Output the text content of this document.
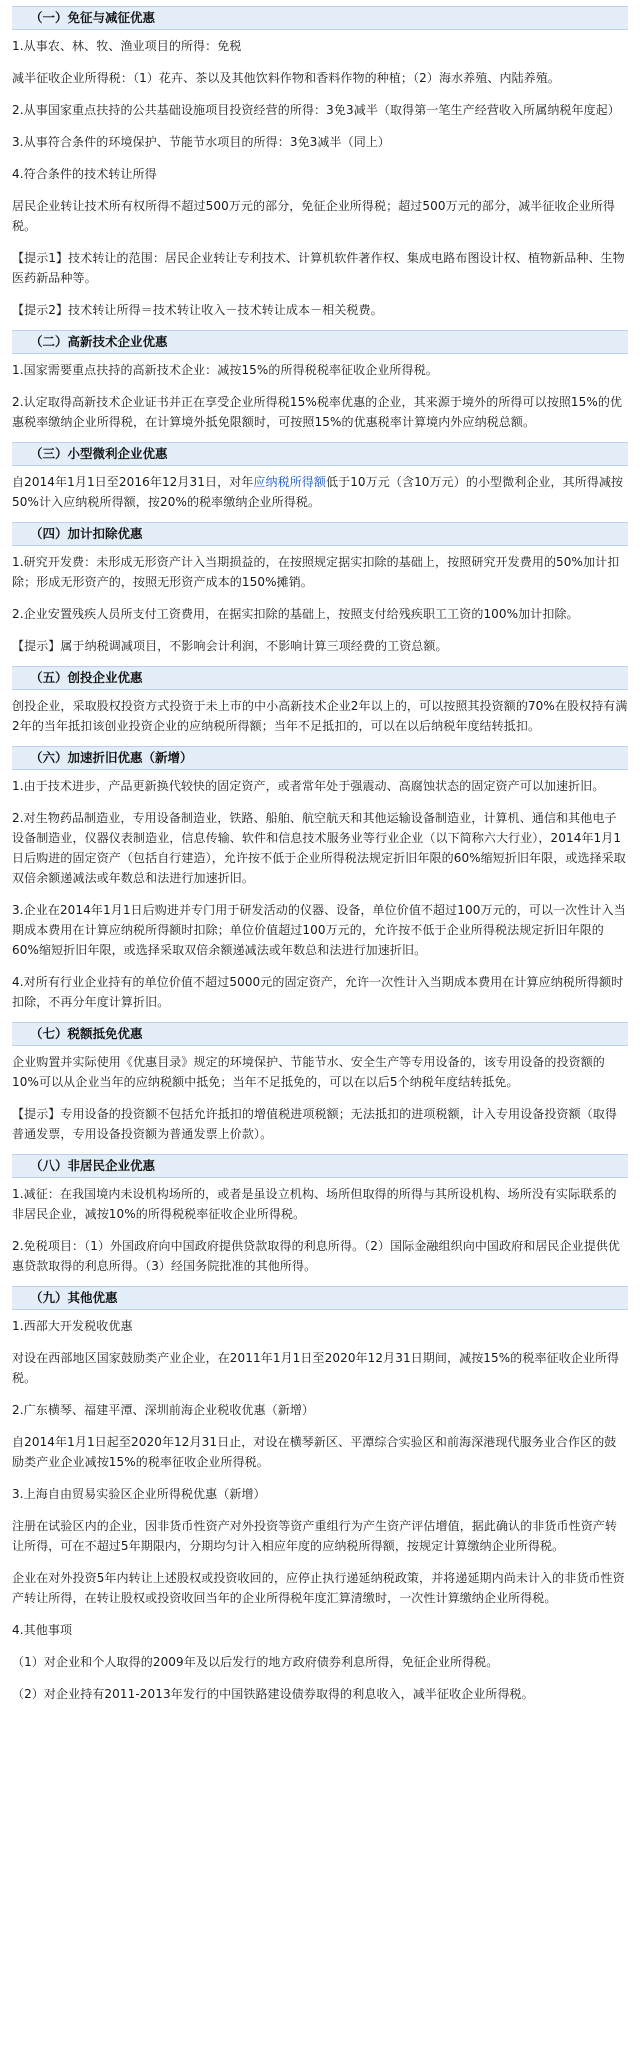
（一）免征与减征优惠

1.从事农、林、牧、渔业项目的所得：免税

减半征收企业所得税：（1）花卉、茶以及其他饮料作物和香料作物的种植；（2）海水养殖、内陆养殖。

2.从事国家重点扶持的公共基础设施项目投资经营的所得：3免3减半（取得第一笔生产经营收入所属纳税年度起）

3.从事符合条件的环境保护、节能节水项目的所得：3免3减半（同上）

4.符合条件的技术转让所得

居民企业转让技术所有权所得不超过500万元的部分，免征企业所得税；超过500万元的部分，减半征收企业所得税。

【提示1】技术转让的范围：居民企业转让专利技术、计算机软件著作权、集成电路布图设计权、植物新品种、生物医药新品种等。

【提示2】技术转让所得＝技术转让收入－技术转让成本－相关税费。

（二）高新技术企业优惠

1.国家需要重点扶持的高新技术企业：减按15%的所得税税率征收企业所得税。

2.认定取得高新技术企业证书并正在享受企业所得税15%税率优惠的企业，其来源于境外的所得可以按照15%的优惠税率缴纳企业所得税，在计算境外抵免限额时，可按照15%的优惠税率计算境内外应纳税总额。

（三）小型微利企业优惠

自2014年1月1日至2016年12月31日，对年应纳税所得额低于10万元（含10万元）的小型微利企业，其所得减按50%计入应纳税所得额，按20%的税率缴纳企业所得税。

（四）加计扣除优惠

1.研究开发费：未形成无形资产计入当期损益的，在按照规定据实扣除的基础上，按照研究开发费用的50%加计扣除；形成无形资产的，按照无形资产成本的150%摊销。

2.企业安置残疾人员所支付工资费用，在据实扣除的基础上，按照支付给残疾职工工资的100%加计扣除。

【提示】属于纳税调减项目，不影响会计利润，不影响计算三项经费的工资总额。

（五）创投企业优惠

创投企业，采取股权投资方式投资于未上市的中小高新技术企业2年以上的，可以按照其投资额的70%在股权持有满2年的当年抵扣该创业投资企业的应纳税所得额；当年不足抵扣的，可以在以后纳税年度结转抵扣。

（六）加速折旧优惠（新增）

1.由于技术进步，产品更新换代较快的固定资产，或者常年处于强震动、高腐蚀状态的固定资产可以加速折旧。

2.对生物药品制造业，专用设备制造业，铁路、船舶、航空航天和其他运输设备制造业，计算机、通信和其他电子设备制造业，仪器仪表制造业，信息传输、软件和信息技术服务业等行业企业（以下简称六大行业），2014年1月1日后购进的固定资产（包括自行建造），允许按不低于企业所得税法规定折旧年限的60%缩短折旧年限，或选择采取双倍余额递减法或年数总和法进行加速折旧。

3.企业在2014年1月1日后购进并专门用于研发活动的仪器、设备，单位价值不超过100万元的，可以一次性计入当期成本费用在计算应纳税所得额时扣除；单位价值超过100万元的，允许按不低于企业所得税法规定折旧年限的60%缩短折旧年限，或选择采取双倍余额递减法或年数总和法进行加速折旧。

4.对所有行业企业持有的单位价值不超过5000元的固定资产，允许一次性计入当期成本费用在计算应纳税所得额时扣除，不再分年度计算折旧。

（七）税额抵免优惠

企业购置并实际使用《优惠目录》规定的环境保护、节能节水、安全生产等专用设备的，该专用设备的投资额的10%可以从企业当年的应纳税额中抵免；当年不足抵免的，可以在以后5个纳税年度结转抵免。

【提示】专用设备的投资额不包括允许抵扣的增值税进项税额；无法抵扣的进项税额，计入专用设备投资额（取得普通发票，专用设备投资额为普通发票上价款）。

（八）非居民企业优惠

1.减征：在我国境内未设机构场所的，或者是虽设立机构、场所但取得的所得与其所设机构、场所没有实际联系的非居民企业，减按10%的所得税税率征收企业所得税。

2.免税项目：（1）外国政府向中国政府提供贷款取得的利息所得。（2）国际金融组织向中国政府和居民企业提供优惠贷款取得的利息所得。（3）经国务院批准的其他所得。

（九）其他优惠

1.西部大开发税收优惠

对设在西部地区国家鼓励类产业企业，在2011年1月1日至2020年12月31日期间，减按15%的税率征收企业所得税。

2.广东横琴、福建平潭、深圳前海企业税收优惠（新增）

自2014年1月1日起至2020年12月31日止，对设在横琴新区、平潭综合实验区和前海深港现代服务业合作区的鼓励类产业企业减按15%的税率征收企业所得税。

3.上海自由贸易实验区企业所得税优惠（新增）

注册在试验区内的企业，因非货币性资产对外投资等资产重组行为产生资产评估增值，据此确认的非货币性资产转让所得，可在不超过5年期限内，分期均匀计入相应年度的应纳税所得额，按规定计算缴纳企业所得税。

企业在对外投资5年内转让上述股权或投资收回的，应停止执行递延纳税政策，并将递延期内尚未计入的非货币性资产转让所得，在转让股权或投资收回当年的企业所得税年度汇算清缴时，一次性计算缴纳企业所得税。

4.其他事项

（1）对企业和个人取得的2009年及以后发行的地方政府债券利息所得，免征企业所得税。

（2）对企业持有2011-2013年发行的中国铁路建设债券取得的利息收入，减半征收企业所得税。
